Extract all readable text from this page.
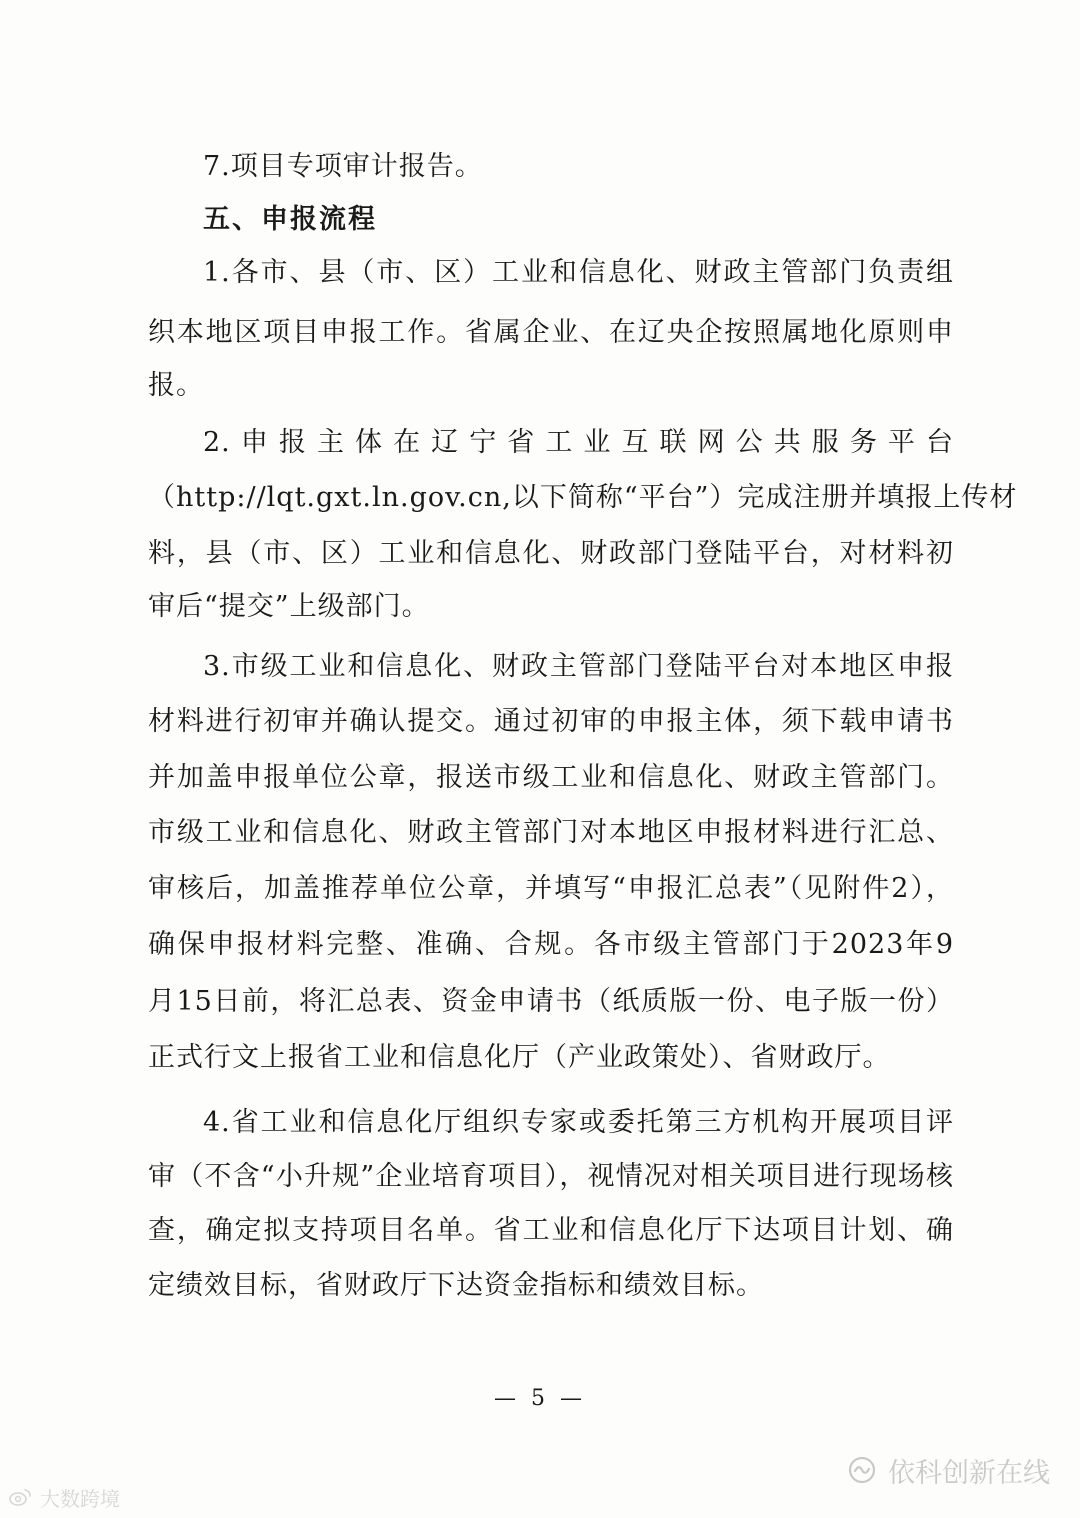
7.项目专项审计报告。
五、申报流程
1.各市、县（市、区）工业和信息化、财政主管部门负责组
织本地区项目申报工作。省属企业、在辽央企按照属地化原则申
报。
2.申报主体在辽宁省工业互联网公共服务平台
（http://lqt.gxt.ln.gov.cn,以下简称“平台”）完成注册并填报上传材
料，县（市、区）工业和信息化、财政部门登陆平台，对材料初
审后“提交”上级部门。
3.市级工业和信息化、财政主管部门登陆平台对本地区申报
材料进行初审并确认提交。通过初审的申报主体，须下载申请书
并加盖申报单位公章，报送市级工业和信息化、财政主管部门。
市级工业和信息化、财政主管部门对本地区申报材料进行汇总、
审核后，加盖推荐单位公章，并填写“申报汇总表”（见附件2），
确保申报材料完整、准确、合规。各市级主管部门于2023年9
月15日前，将汇总表、资金申请书（纸质版一份、电子版一份）
正式行文上报省工业和信息化厅（产业政策处）、省财政厅。
4.省工业和信息化厅组织专家或委托第三方机构开展项目评
审（不含“小升规”企业培育项目），视情况对相关项目进行现场核
查，确定拟支持项目名单。省工业和信息化厅下达项目计划、确
定绩效目标，省财政厅下达资金指标和绩效目标。
— 5 —
依科创新在线
大数跨境
